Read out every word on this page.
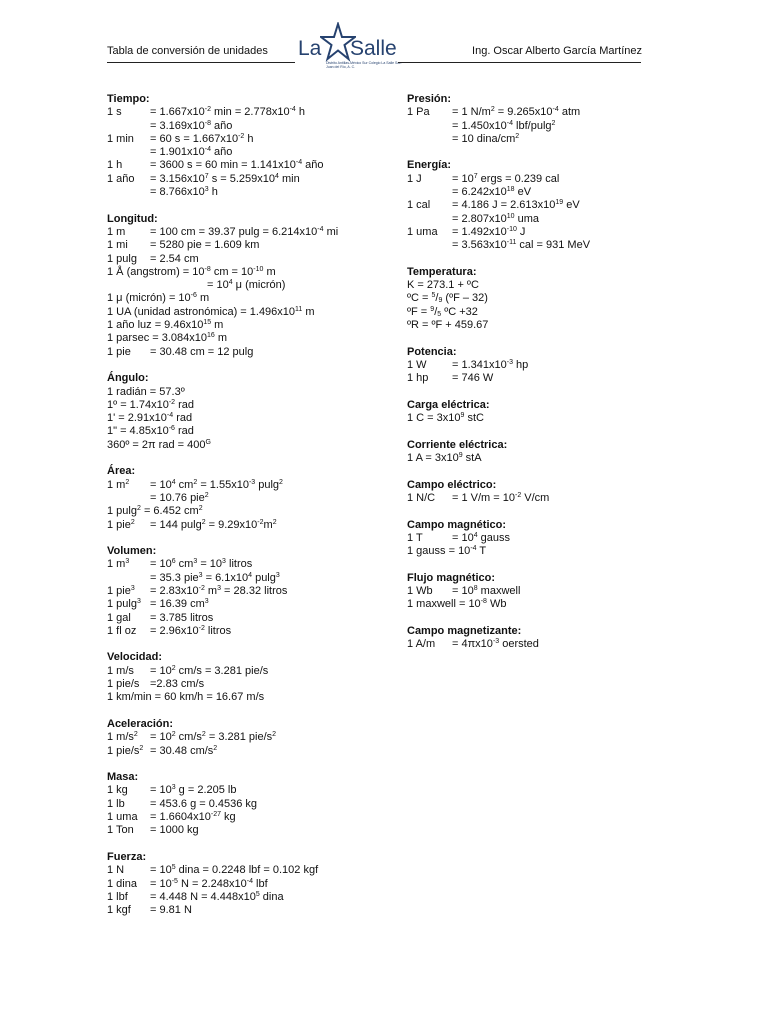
Tabla de conversión de unidades La Salle
Distrito Antillas-México Sur Colegio La Salle San Juan del Río, A. C.
Ing. Oscar Alberto García Martínez
Tiempo:
1 s	= $1.667x10^{-2}$ $\min = 2.778x10^{-4}$ h
= $3.169x10^{-8}$ año
1 min = 60 $s = 1.667x10^{-2}$ h
= $1.901x10^{-4}$ año
1 h	= 3600 s = 60 $\min = 1.141x10^{-4}$ año
1 año = $3.156x10^7$ $s = 5.259x10^4$ min
= $8.766x10^3$ h
Longitud:
1 m = 100 cm = 39.37 $pulg = 6.214x10^{-4}$ mi
1 mi = 5280 pie = 1.609 km
1 pulg = 2.54 cm
1 Å (angstrom) = $10^{-8}$ cm = $10^{-10}$ m
= $10^4$ μ (micrón)
1 μ (micrón) = $10^{-6}$ m
1 UA (unidad astronómica) = $1.496x10^{11}$ m
1 año luz = $9.46x10^{15}$ m
1 $parsec = 3.084x10^{16}$ m
1 pie = 30.48 cm = 12 pulg
Ángulo:
1 radián = 57.3º
1º = $1.74x10^{-2}$ rad
$1' = 2.91x10^{-4}$ rad
1" = $4.85x10^{-6}$ rad
360º = 2π rad = $400^G$
Área:
1 $m^2 = 10^4$ $cm^2 = 1.55x10^{-3}$ pulg$^2$
= 10.76 pie$^2$
1 pulg$^2$ = 6.452 $cm^2$
1 pie$^2$ = 144 $pulg^2 = 9.29x10^{-2}m^2$
Volumen:
1 $m^3 = 10^6$ $cm^3 = 10^3$ litros
= 35.3 $pie^3 = 6.1x10^4$ pulg$^3$
1 $pie^3 = 2.83x10^{-2}$ $m^3 = 28.32$ litros
1 pulg$^3$ = 16.39 $cm^3$
1 gal = 3.785 litros
1 fl oz = $2.96x10^{-2}$ litros
Velocidad:
1 $m/s = 10^2$ cm/s = 3.281 pie/s
1 pie/s =2.83 cm/s
1 km/min = 60 km/h = 16.67 m/s
Aceleración:
1 $m/s^2 = 10^2$ $cm/s^2 = 3.281$ pie/$s^2$
1 pie/$s^2 = 30.48$ $cm/s^2$
Masa:
1 kg = $10^3$ g = 2.205 lb
1 lb = 453.6 g = 0.4536 kg
1 uma = $1.6604x10^{-27}$ kg
1 Ton = 1000 kg
Fuerza:
1 $N = 10^5$ dina = 0.2248 lbf = 0.102 kgf
1 dina = $10^{-5}$ $N = 2.248x10^{-4}$ lbf
1 lbf = 4.448 $N = 4.448x10^5$ dina
1 kgf = 9.81 N
Presión:
1 Pa = 1 $N/m^2 = 9.265x10^{-4}$ atm
= $1.450x10^{-4}$ lbf/pulg$^2$
= 10 dina/$cm^2$
Energía:
1 J	= $10^7$ ergs = 0.239 cal
= $6.242x10^{18}$ eV
1 cal = 4.186 $J = 2.613x10^{19}$ eV
= $2.807x10^{10}$ uma
1 uma = $1.492x10^{-10}$ J
= $3.563x10^{-11}$ cal = 931 MeV
Temperatura:
K = 273.1 + ºC
ºC = $^5/_9$ (ºF – 32)
ºF = $^9/_5$ ºC +32
ºR = ºF + 459.67
Potencia:
1 $W = 1.341x10^{-3}$ hp
1 hp = 746 W
Carga eléctrica:
1 $C = 3x10^9$ stC
Corriente eléctrica:
1 $A = 3x10^9$ stA
Campo eléctrico:
1 N/C = 1 $V/m = 10^{-2}$ V/cm
Campo magnético:
1 T	= $10^4$ gauss
1 gauss = $10^{-4}$ T
Flujo magnético:
1 $Wb = 10^8$ maxwell
1 maxwell = $10^{-8}$ Wb
Campo magnetizante:
1 $A/m = 4\pi x10^{-3}$ oersted
